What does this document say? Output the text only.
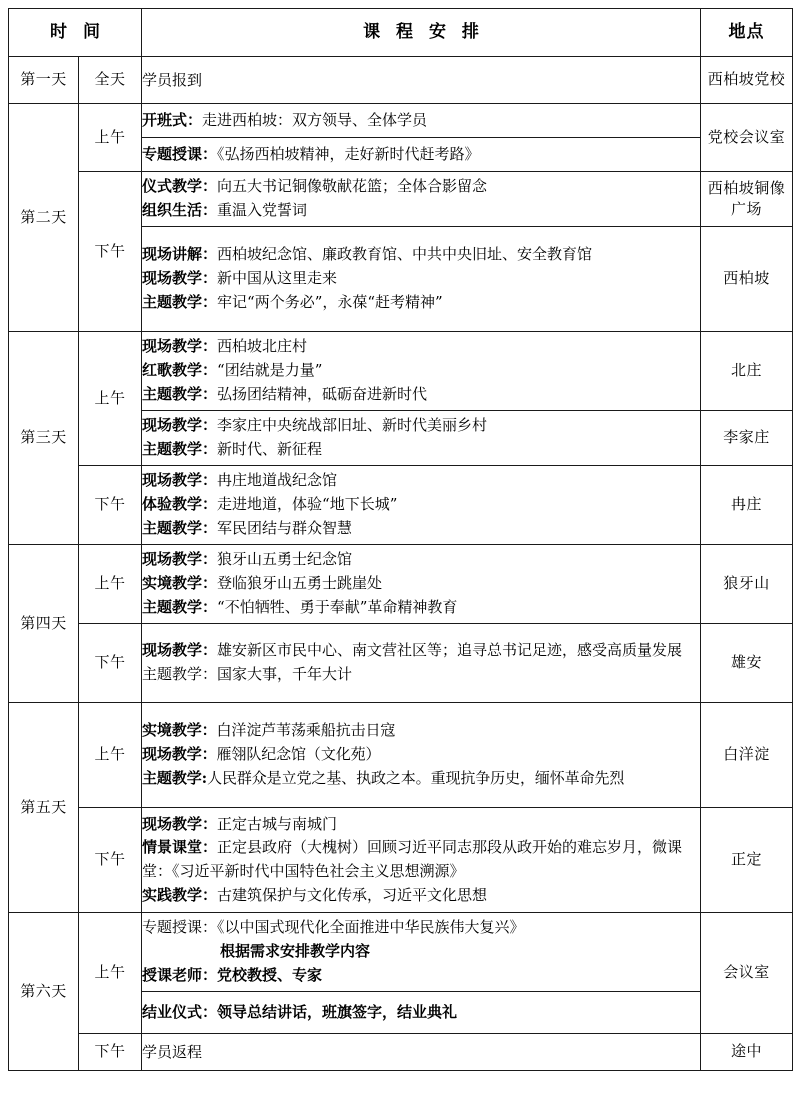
时 间		课 程 安 排	地点
第一天	全天	学员报到	西柏坡党校
第二天	上午	开班式：走进西柏坡：双方领导、全体学员	党校会议室

		专题授课：《弘扬西柏坡精神，走好新时代赶考路》	

	下午	仪式教学：向五大书记铜像敬献花篮；全体合影留念
组织生活：重温入党誓词	西柏坡铜像广场

		现场讲解：西柏坡纪念馆、廉政教育馆、中共中央旧址、安全教育馆
现场教学：新中国从这里走来
主题教学：牢记“两个务必”，永葆“赶考精神”	西柏坡
第三天	上午	现场教学：西柏坡北庄村
红歌教学：“团结就是力量”
主题教学：弘扬团结精神，砥砺奋进新时代	北庄

		现场教学：李家庄中央统战部旧址、新时代美丽乡村
主题教学：新时代、新征程	李家庄
	下午	现场教学：冉庄地道战纪念馆
体验教学：走进地道，体验“地下长城”
主题教学：军民团结与群众智慧	冉庄
第四天	上午	现场教学：狼牙山五勇士纪念馆
实境教学：登临狼牙山五勇士跳崖处
主题教学：“不怕牺牲、勇于奉献”革命精神教育	狼牙山
	下午	现场教学：雄安新区市民中心、南文营社区等；追寻总书记足迹，感受高质量发展
主题教学：国家大事，千年大计	雄安
第五天	上午	实境教学：白洋淀芦苇荡乘船抗击日寇
现场教学：雁翎队纪念馆（文化苑）
主题教学:人民群众是立党之基、执政之本。重现抗争历史，缅怀革命先烈	白洋淀
	下午	现场教学：正定古城与南城门
情景课堂：正定县政府（大槐树）回顾习近平同志那段从政开始的难忘岁月，微课堂：《习近平新时代中国特色社会主义思想溯源》
实践教学：古建筑保护与文化传承，习近平文化思想	正定
第六天	上午	专题授课：《以中国式现代化全面推进中华民族伟大复兴》
根据需求安排教学内容
授课老师：党校教授、专家	会议室

		结业仪式：领导总结讲话，班旗签字，结业典礼	

	下午	学员返程	途中
